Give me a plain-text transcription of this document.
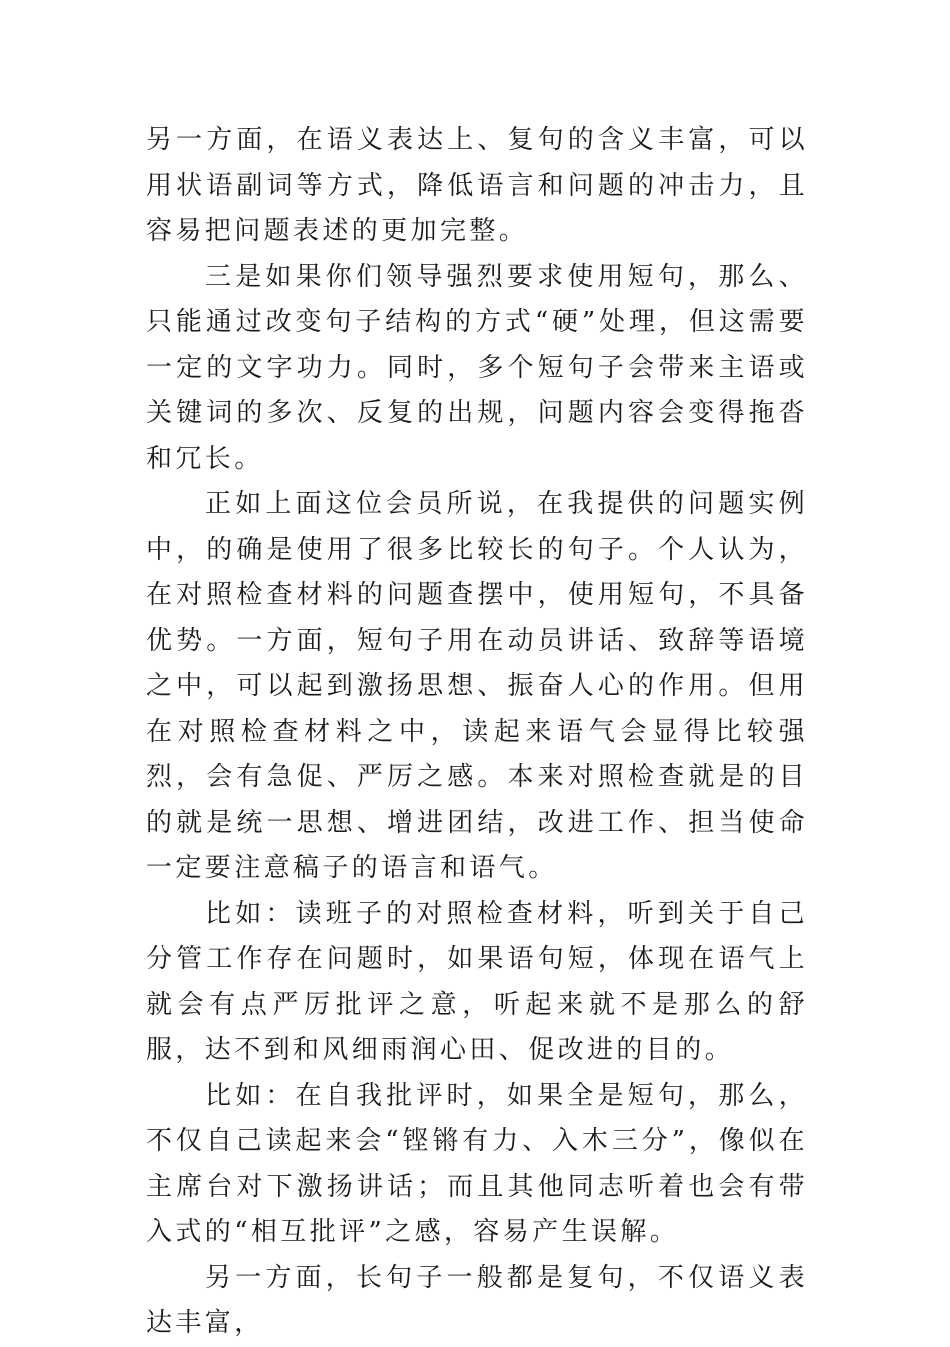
另一方面，在语义表达上、复句的含义丰富，可以用状语副词等方式，降低语言和问题的冲击力，且容易把问题表述的更加完整。

三是如果你们领导强烈要求使用短句，那么、只能通过改变句子结构的方式“硬”处理，但这需要一定的文字功力。同时，多个短句子会带来主语或关键词的多次、反复的出规，问题内容会变得拖沓和冗长。

正如上面这位会员所说，在我提供的问题实例中，的确是使用了很多比较长的句子。个人认为，在对照检查材料的问题查摆中，使用短句，不具备优势。一方面，短句子用在动员讲话、致辞等语境之中，可以起到激扬思想、振奋人心的作用。但用在对照检查材料之中，读起来语气会显得比较强烈，会有急促、严厉之感。本来对照检查就是的目的就是统一思想、增进团结，改进工作、担当使命一定要注意稿子的语言和语气。

比如：读班子的对照检查材料，听到关于自己分管工作存在问题时，如果语句短，体现在语气上就会有点严厉批评之意，听起来就不是那么的舒服，达不到和风细雨润心田、促改进的目的。

比如：在自我批评时，如果全是短句，那么，不仅自己读起来会“铿锵有力、入木三分”，像似在主席台对下激扬讲话；而且其他同志听着也会有带入式的“相互批评”之感，容易产生误解。

另一方面，长句子一般都是复句，不仅语义表达丰富，
